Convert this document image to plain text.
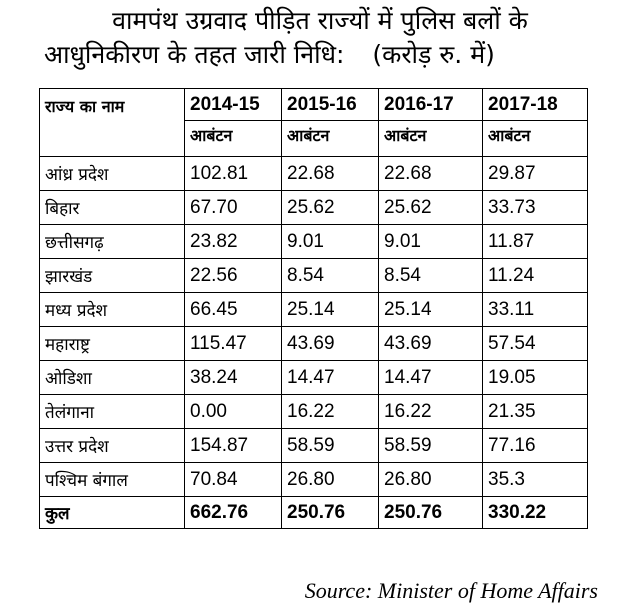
वामपंथ उग्रवाद पीड़ित राज्यों में पुलिस बलों के
आधुनिकीरण के तहत जारी निधि: (करोड़ रु. में)
राज्य का नाम	2014-15	2015-16	2016-17	2017-18
	आबंटन	आबंटन	आबंटन	आबंटन

आंध्र प्रदेश	102.81	22.68	22.68	29.87
बिहार	67.70	25.62	25.62	33.73
छत्तीसगढ़	23.82	9.01	9.01	11.87
झारखंड	22.56	8.54	8.54	11.24
मध्य प्रदेश	66.45	25.14	25.14	33.11
महाराष्ट्र	115.47	43.69	43.69	57.54
ओडिशा	38.24	14.47	14.47	19.05
तेलंगाना	0.00	16.22	16.22	21.35
उत्तर प्रदेश	154.87	58.59	58.59	77.16
पश्चिम बंगाल	70.84	26.80	26.80	35.3
कुल	662.76	250.76	250.76	330.22
Source: Minister of Home Affairs
